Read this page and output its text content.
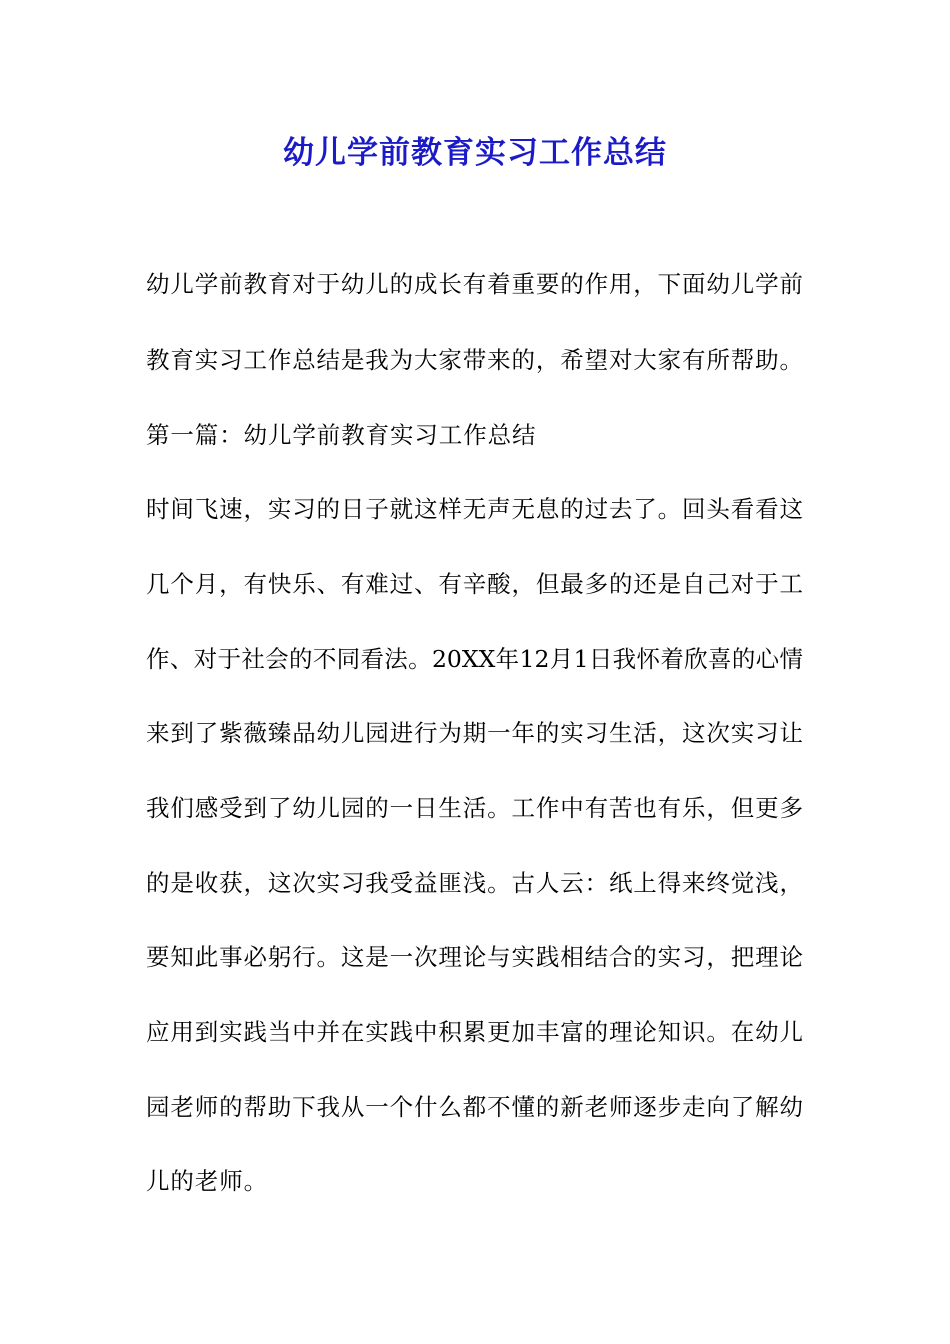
幼儿学前教育实习工作总结
幼儿学前教育对于幼儿的成长有着重要的作用，下面幼儿学前
教育实习工作总结是我为大家带来的，希望对大家有所帮助。
第一篇：幼儿学前教育实习工作总结
时间飞速，实习的日子就这样无声无息的过去了。回头看看这
几个月，有快乐、有难过、有辛酸，但最多的还是自己对于工
作、对于社会的不同看法。20XX年12月1日我怀着欣喜的心情
来到了紫薇臻品幼儿园进行为期一年的实习生活，这次实习让
我们感受到了幼儿园的一日生活。工作中有苦也有乐，但更多
的是收获，这次实习我受益匪浅。古人云：纸上得来终觉浅，
要知此事必躬行。这是一次理论与实践相结合的实习，把理论
应用到实践当中并在实践中积累更加丰富的理论知识。在幼儿
园老师的帮助下我从一个什么都不懂的新老师逐步走向了解幼
儿的老师。
